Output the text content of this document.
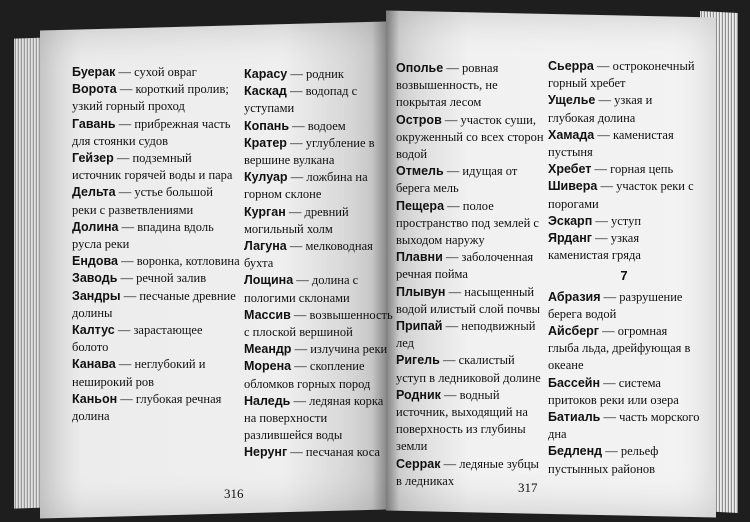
Буерак — сухой овраг

Ворота — короткий пролив; узкий горный проход

Гавань — прибрежная часть для стоянки судов

Гейзер — подземный источник горячей воды и пара

Дельта — устье большой реки с разветвлениями

Долина — впадина вдоль русла реки

Ендова — воронка, котловина

Заводь — речной залив

Зандры — песчаные древние долины

Калтус — зарастающее болото

Канава — неглубокий и неширокий ров

Каньон — глубокая речная долина

Карасу — родник

Каскад — водопад с уступами

Копань — водоем

Кратер — углубление в вершине вулкана

Кулуар — ложбина на горном склоне

Курган — древний могильный холм

Лагуна — мелководная бухта

Лощина — долина с пологими склонами

Массив — возвышенность с плоской вершиной

Меандр — излучина реки

Морена — скопление обломков горных пород

Наледь — ледяная корка на поверхности разлившейся воды

Нерунг — песчаная коса

Ополье — ровная возвышенность, не покрытая лесом

Остров — участок суши, окруженный со всех сторон водой

Отмель — идущая от берега мель

Пещера — полое пространство под землей с выходом наружу

Плавни — заболоченная речная пойма

Плывун — насыщенный водой илистый слой почвы

Припай — неподвижный лед

Ригель — скалистый уступ в ледниковой долине

Родник — водный источник, выходящий на поверхность из глубины земли

Серрак — ледяные зубцы в ледниках

Сьерра — остроконечный горный хребет

Ущелье — узкая и глубокая долина

Хамада — каменистая пустыня

Хребет — горная цепь

Шивера — участок реки с порогами

Эскарп — уступ

Ярданг — узкая каменистая гряда

7

Абразия — разрушение берега водой

Айсберг — огромная глыба льда, дрейфующая в океане

Бассейн — система притоков реки или озера

Батиаль — часть морского дна

Бедленд — рельеф пустынных районов

316	317
